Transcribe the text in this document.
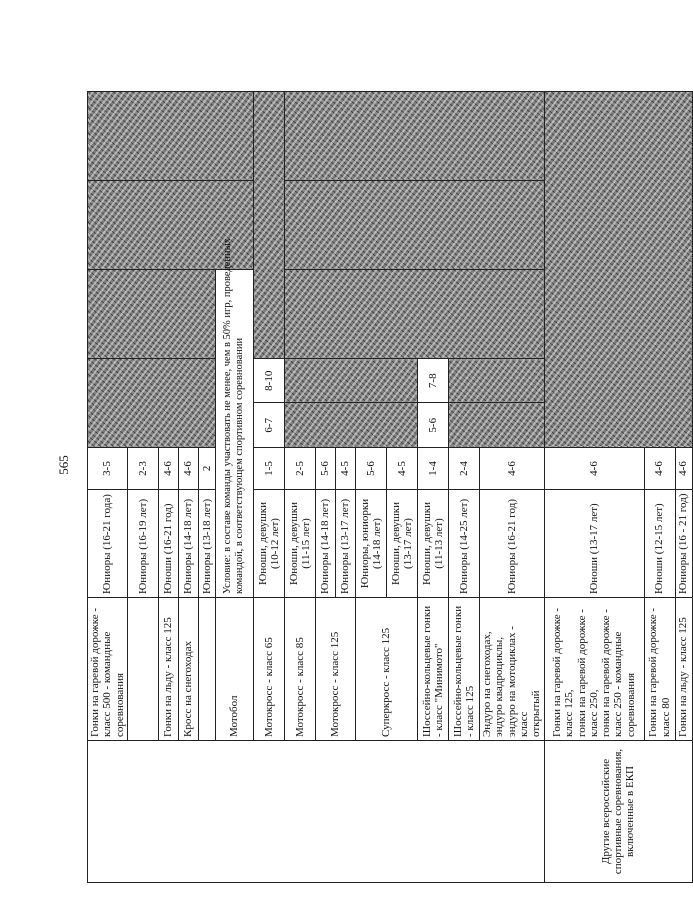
565
	Гонки на гаревой дорожке - класс 500 - командные соревнования	Юниоры (16-21 года)	3-5					
		Юниоры (16-19 лет)	2-3					
	Гонки на льду - класс 125	Юноши (16-21 год)	4-6					
	Кросс на снегоходах	Юниоры (14-18 лет)	4-6					
		Юниоры (13-18 лет)	2					
	Мотобол	Условие: в составе команды участвовать не менее, чем в 50% игр, проведенных командой, в соответствующем спортивном соревновании						
	Мотокросс - класс 65	Юноши, девушки (10-12 лет)	1-5	6-7	8-10			
	Мотокросс - класс 85	Юноши, девушки (11-15 лет)	2-5					
	Мотокросс - класс 125	Юниоры (14-18 лет)	5-6					
		Юниоры (13-17 лет)	4-5					
	Суперкросс - класс 125	Юниоры, юниорки (14-18 лет)	5-6					
		Юноши, девушки (13-17 лет)	4-5					
	Шоссейно-кольцевые гонки - класс "Минимото"	Юноши, девушки (11-13 лет)	1-4	5-6	7-8			
	Шоссейно-кольцевые гонки - класс 125	Юниоры (14-25 лет)	2-4					

	Эндуро на снегоходах, эндуро квадроциклы, эндуро на мотоциклах - класс открытый	Юниоры (16-21 год)	4-6					
Другие всероссийские спортивные соревнования, включенные в ЕКП	Гонки на гаревой дорожке - класс 125, гонки на гаревой дорожке - класс 250, гонки на гаревой дорожке - класс 250 - командные соревнования	Юноши (13-17 лет)	4-6					
	Гонки на гаревой дорожке - класс 80	Юноши (12-15 лет)	4-6					
	Гонки на льду - класс 125	Юниоры (16 - 21 год)	4-6					
